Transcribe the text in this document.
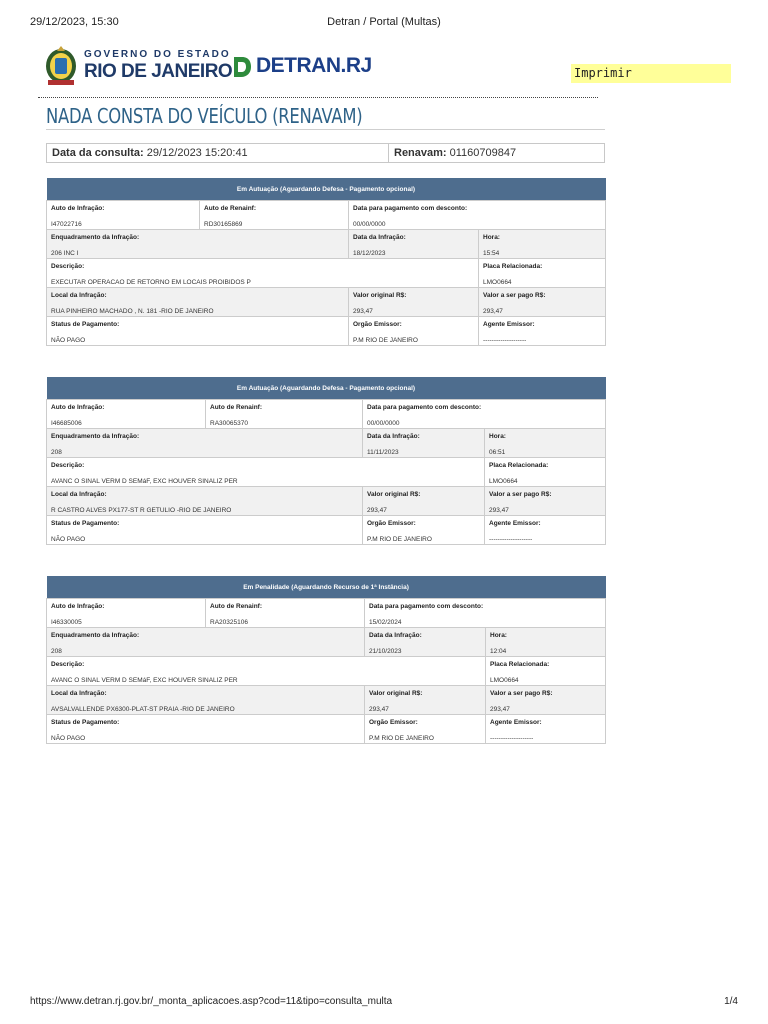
Detran / Portal (Multas)
29/12/2023, 15:30
GOVERNO DO ESTADO
RIO DE JANEIRO DETRAN.RJ	Imprimir
NADA CONSTA DO VEÍCULO (RENAVAM)
Data da consulta: 29/12/2023 15:20:41	Renavam: 01160709847
Em Autuação (Aguardando Defesa - Pagamento opcional)			

Auto de Infração:
I47022716	Auto de Renainf:
RD30165869	Data para pagamento com desconto:
00/00/0000	

Enquadramento da Infração:
206 INC I		Data da Infração:
18/12/2023	Hora:
15:54

Descrição:
EXECUTAR OPERACAO DE RETORNO EM LOCAIS PROIBIDOS P			Placa Relacionada:
LMO0664

Local da Infração:
RUA PINHEIRO MACHADO , N. 181 -RIO DE JANEIRO		Valor original R$:
293,47	Valor a ser pago R$:
293,47

Status de Pagamento:
NÃO PAGO		Orgão Emissor:
P.M RIO DE JANEIRO	Agente Emissor:
--------------------
Em Autuação (Aguardando Defesa - Pagamento opcional)			

Auto de Infração:
I46685006	Auto de Renainf:
RA30065370	Data para pagamento com desconto:
00/00/0000	

Enquadramento da Infração:
208		Data da Infração:
11/11/2023	Hora:
06:51

Descrição:
AVANC O SINAL VERM D SEMáF, EXC HOUVER SINALIZ PER			Placa Relacionada:
LMO0664

Local da Infração:
R CASTRO ALVES PX177-ST R GETULIO -RIO DE JANEIRO		Valor original R$:
293,47	Valor a ser pago R$:
293,47

Status de Pagamento:
NÃO PAGO		Orgão Emissor:
P.M RIO DE JANEIRO	Agente Emissor:
--------------------
Em Penalidade (Aguardando Recurso de 1ª Instância)			

Auto de Infração:
I46330005	Auto de Renainf:
RA20325106	Data para pagamento com desconto:
15/02/2024	

Enquadramento da Infração:
208		Data da Infração:
21/10/2023	Hora:
12:04

Descrição:
AVANC O SINAL VERM D SEMáF, EXC HOUVER SINALIZ PER			Placa Relacionada:
LMO0664

Local da Infração:
AVSALVALLENDE PX6300-PLAT-ST PRAIA -RIO DE JANEIRO		Valor original R$:
293,47	Valor a ser pago R$:
293,47

Status de Pagamento:
NÃO PAGO		Orgão Emissor:
P.M RIO DE JANEIRO	Agente Emissor:
--------------------
https://www.detran.rj.gov.br/_monta_aplicacoes.asp?cod=11&tipo=consulta_multa	1/4
